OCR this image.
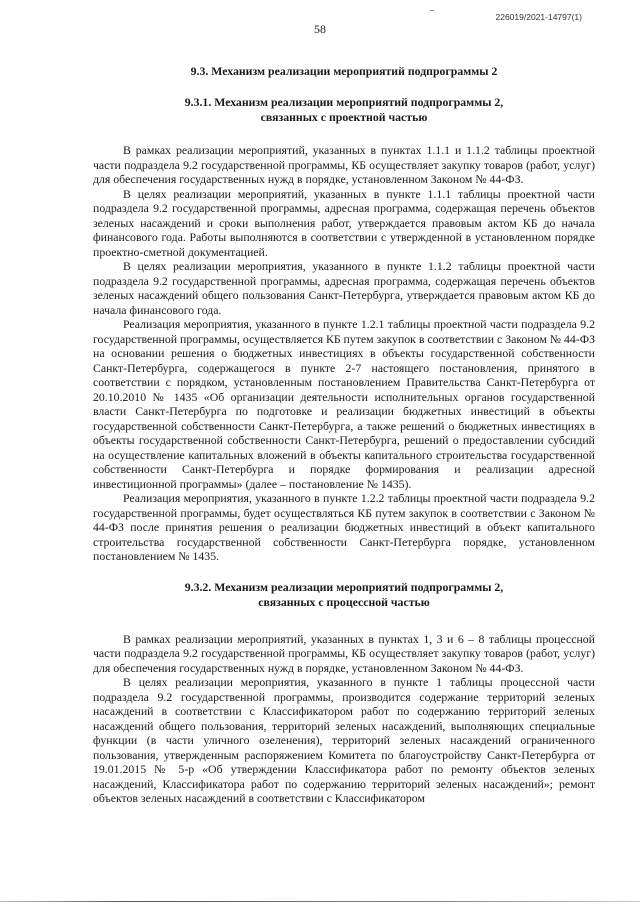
226019/2021-14797(1)
58
9.3. Механизм реализации мероприятий подпрограммы 2
9.3.1. Механизм реализации мероприятий подпрограммы 2,
связанных с проектной частью

В рамках реализации мероприятий, указанных в пунктах 1.1.1 и 1.1.2 таблицы проектной части подраздела 9.2 государственной программы, КБ осуществляет закупку товаров (работ, услуг) для обеспечения государственных нужд в порядке, установленном Законом № 44-ФЗ.

В целях реализации мероприятий, указанных в пункте 1.1.1 таблицы проектной части подраздела 9.2 государственной программы, адресная программа, содержащая перечень объектов зеленых насаждений и сроки выполнения работ, утверждается правовым актом КБ до начала финансового года. Работы выполняются в соответствии с утвержденной в установленном порядке проектно-сметной документацией.

В целях реализации мероприятия, указанного в пункте 1.1.2 таблицы проектной части подраздела 9.2 государственной программы, адресная программа, содержащая перечень объектов зеленых насаждений общего пользования Санкт-Петербурга, утверждается правовым актом КБ до начала финансового года.

Реализация мероприятия, указанного в пункте 1.2.1 таблицы проектной части подраздела 9.2 государственной программы, осуществляется КБ путем закупок в соответствии с Законом № 44-ФЗ на основании решения о бюджетных инвестициях в объекты государственной собственности Санкт-Петербурга, содержащегося в пункте 2-7 настоящего постановления, принятого в соответствии с порядком, установленным постановлением Правительства Санкт-Петербурга от 20.10.2010 № 1435 «Об организации деятельности исполнительных органов государственной власти Санкт-Петербурга по подготовке и реализации бюджетных инвестиций в объекты государственной собственности Санкт-Петербурга, а также решений о бюджетных инвестициях в объекты государственной собственности Санкт-Петербурга, решений о предоставлении субсидий на осуществление капитальных вложений в объекты капитального строительства государственной собственности Санкт-Петербурга и порядке формирования и реализации адресной инвестиционной программы» (далее – постановление № 1435).

Реализация мероприятия, указанного в пункте 1.2.2 таблицы проектной части подраздела 9.2 государственной программы, будет осуществляться КБ путем закупок в соответствии с Законом № 44-ФЗ после принятия решения о реализации бюджетных инвестиций в объект капитального строительства государственной собственности Санкт-Петербурга порядке, установленном постановлением № 1435.

9.3.2. Механизм реализации мероприятий подпрограммы 2,
связанных с процессной частью

В рамках реализации мероприятий, указанных в пунктах 1, 3 и 6 – 8 таблицы процессной части подраздела 9.2 государственной программы, КБ осуществляет закупку товаров (работ, услуг) для обеспечения государственных нужд в порядке, установленном Законом № 44-ФЗ.

В целях реализации мероприятия, указанного в пункте 1 таблицы процессной части подраздела 9.2 государственной программы, производится содержание территорий зеленых насаждений в соответствии с Классификатором работ по содержанию территорий зеленых насаждений общего пользования, территорий зеленых насаждений, выполняющих специальные функции (в части уличного озеленения), территорий зеленых насаждений ограниченного пользования, утвержденным распоряжением Комитета по благоустройству Санкт-Петербурга от 19.01.2015 № 5-р «Об утверждении Классификатора работ по ремонту объектов зеленых насаждений, Классификатора работ по содержанию территорий зеленых насаждений»; ремонт объектов зеленых насаждений в соответствии с Классификатором
